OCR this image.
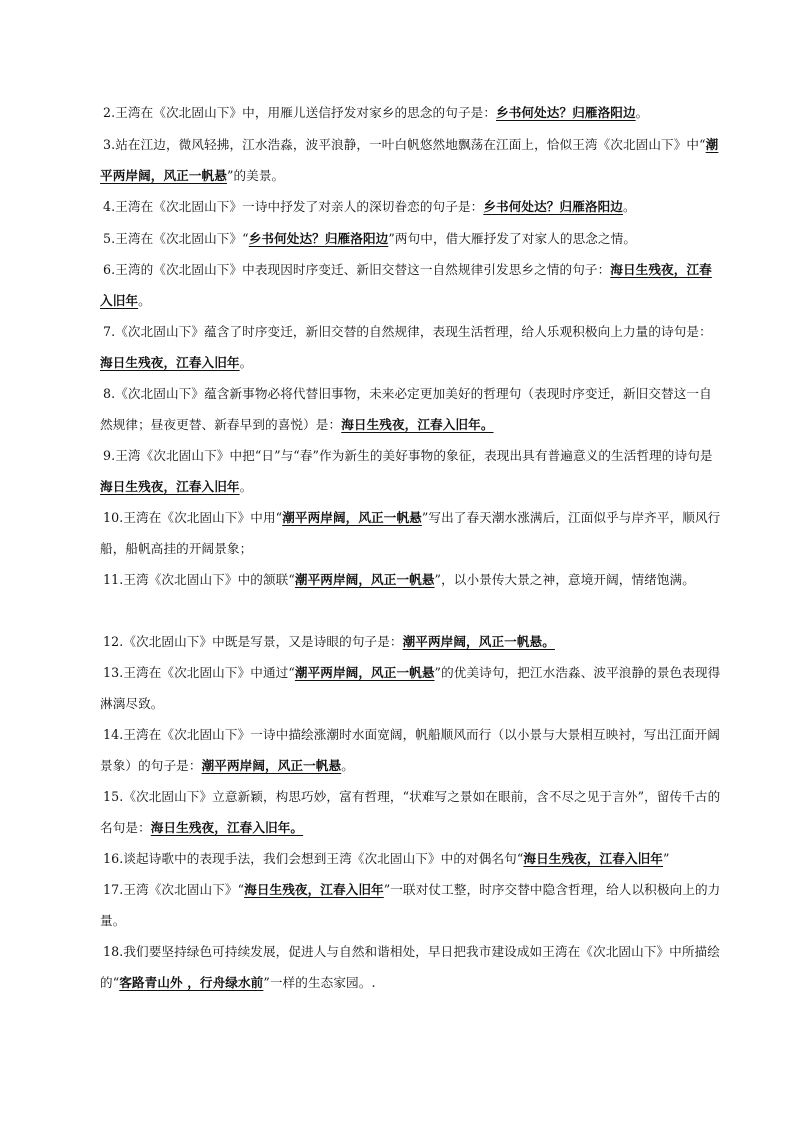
2.王湾在《次北固山下》中，用雁儿送信抒发对家乡的思念的句子是：乡书何处达？归雁洛阳边。
3.站在江边，微风轻拂，江水浩淼，波平浪静，一叶白帆悠然地飘荡在江面上，恰似王湾《次北固山下》中“潮平两岸阔，风正一帆悬”的美景。
4.王湾在《次北固山下》一诗中抒发了对亲人的深切眷恋的句子是：乡书何处达？归雁洛阳边。
5.王湾在《次北固山下》“乡书何处达？归雁洛阳边”两句中，借大雁抒发了对家人的思念之情。
6.王湾的《次北固山下》中表现因时序变迁、新旧交替这一自然规律引发思乡之情的句子：海日生残夜，江春入旧年。
7.《次北固山下》蕴含了时序变迁，新旧交替的自然规律，表现生活哲理，给人乐观积极向上力量的诗句是：海日生残夜，江春入旧年。
8.《次北固山下》蕴含新事物必将代替旧事物，未来必定更加美好的哲理句（表现时序变迁，新旧交替这一自然规律；昼夜更替、新春早到的喜悦）是：海日生残夜，江春入旧年。
9.王湾《次北固山下》中把“日”与“春”作为新生的美好事物的象征，表现出具有普遍意义的生活哲理的诗句是海日生残夜，江春入旧年。
10.王湾在《次北固山下》中用“潮平两岸阔，风正一帆悬”写出了春天潮水涨满后，江面似乎与岸齐平，顺风行船，船帆高挂的开阔景象；
11.王湾《次北固山下》中的颔联“潮平两岸阔，风正一帆悬”，以小景传大景之神，意境开阔，情绪饱满。
12.《次北固山下》中既是写景，又是诗眼的句子是：潮平两岸阔，风正一帆悬。
13.王湾在《次北固山下》中通过“潮平两岸阔，风正一帆悬”的优美诗句，把江水浩淼、波平浪静的景色表现得淋漓尽致。
14.王湾在《次北固山下》一诗中描绘涨潮时水面宽阔，帆船顺风而行（以小景与大景相互映衬，写出江面开阔景象）的句子是：潮平两岸阔，风正一帆悬。
15.《次北固山下》立意新颖，构思巧妙，富有哲理，“状难写之景如在眼前，含不尽之见于言外”，留传千古的名句是：海日生残夜，江春入旧年。
16.谈起诗歌中的表现手法，我们会想到王湾《次北固山下》中的对偶名句“海日生残夜，江春入旧年”
17.王湾《次北固山下》“海日生残夜，江春入旧年”一联对仗工整，时序交替中隐含哲理，给人以积极向上的力量。
18.我们要坚持绿色可持续发展，促进人与自然和谐相处，早日把我市建设成如王湾在《次北固山下》中所描绘的“客路青山外 ，行舟绿水前”一样的生态家园。.
